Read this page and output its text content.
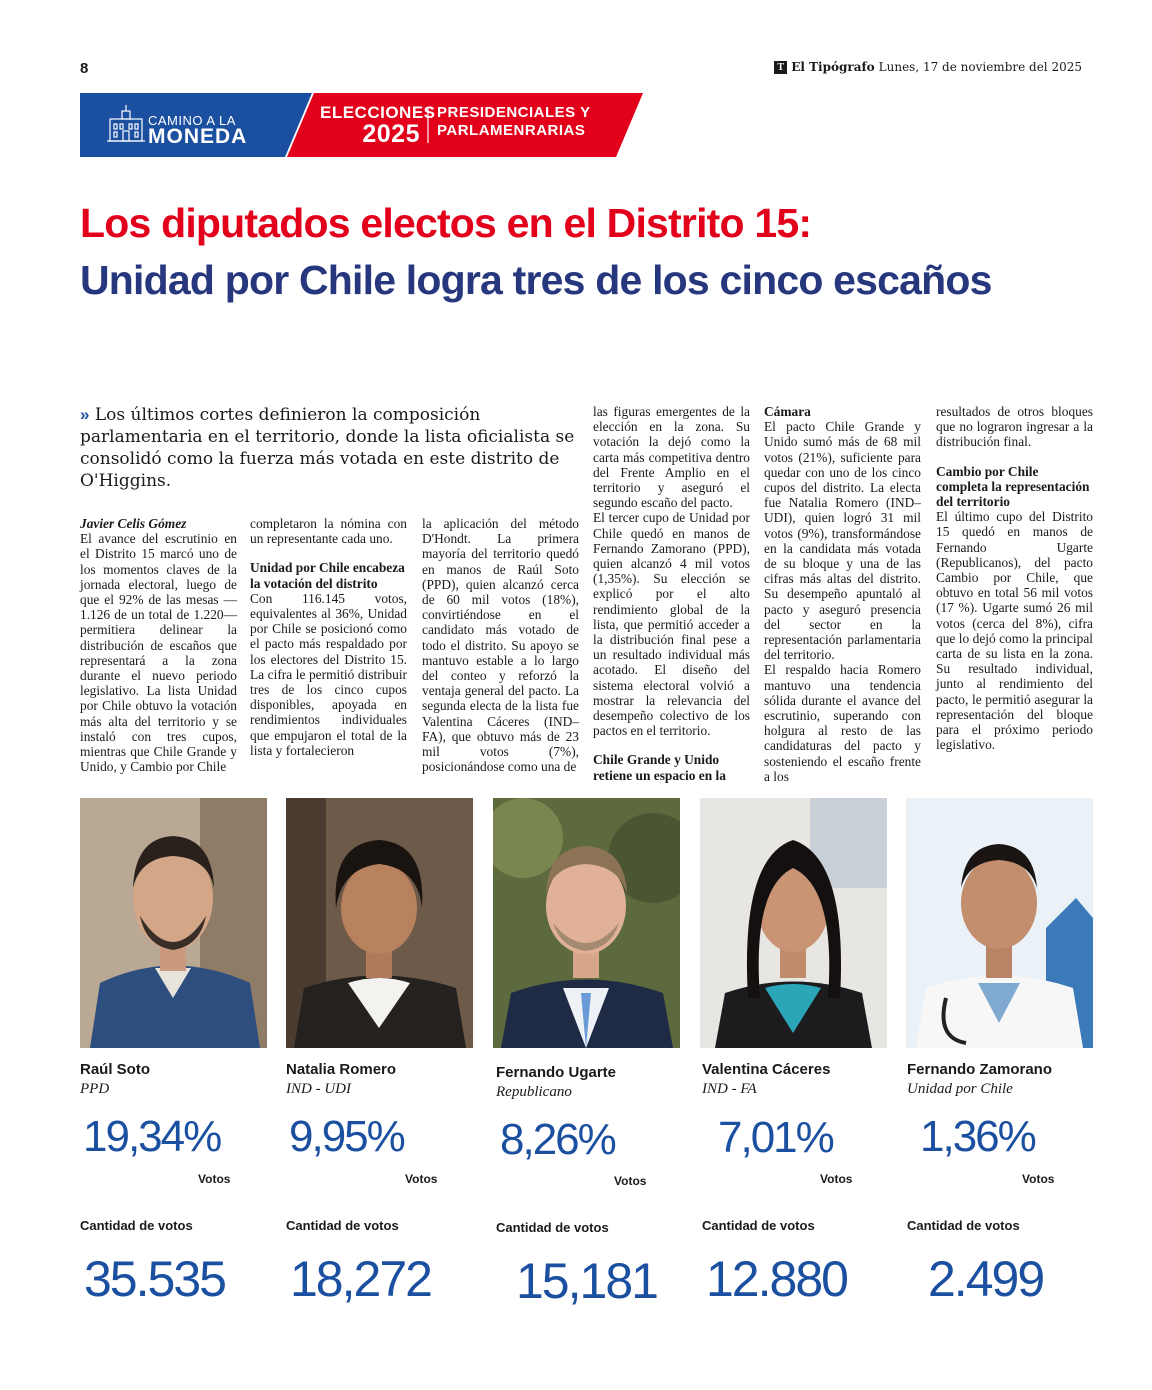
8	T El Tipógrafo Lunes, 17 de noviembre del 2025
CAMINO A LA
MONEDA
ELECCIONES
2025
PRESIDENCIALES Y
PARLAMENRARIAS
Los diputados electos en el Distrito 15:
Unidad por Chile logra tres de los cinco escaños
» Los últimos cortes definieron la composición parlamentaria en el territorio, donde la lista oficialista se consolidó como la fuerza más votada en este distrito de O'Higgins.

Javier Celis Gómez

El avance del escrutinio en el Distrito 15 marcó uno de los momentos claves de la jornada electoral, luego de que el 92% de las mesas —1.126 de un total de 1.220— permitiera delinear la distribución de escaños que representará a la zona durante el nuevo periodo legislativo. La lista Unidad por Chile obtuvo la votación más alta del territorio y se instaló con tres cupos, mientras que Chile Grande y Unido, y Cambio por Chile

completaron la nómina con un representante cada uno.

Unidad por Chile encabeza la votación del distrito

Con 116.145 votos, equivalentes al 36%, Unidad por Chile se posicionó como el pacto más respaldado por los electores del Distrito 15. La cifra le permitió distribuir tres de los cinco cupos disponibles, apoyada en rendimientos individuales que empujaron el total de la lista y fortalecieron

la aplicación del método D'Hondt. La primera mayoría del territorio quedó en manos de Raúl Soto (PPD), quien alcanzó cerca de 60 mil votos (18%), convirtiéndose en el candidato más votado de todo el distrito. Su apoyo se mantuvo estable a lo largo del conteo y reforzó la ventaja general del pacto. La segunda electa de la lista fue Valentina Cáceres (IND–FA), que obtuvo más de 23 mil votos (7%), posicionándose como una de

las figuras emergentes de la elección en la zona. Su votación la dejó como la carta más competitiva dentro del Frente Amplio en el territorio y aseguró el segundo escaño del pacto.

El tercer cupo de Unidad por Chile quedó en manos de Fernando Zamorano (PPD), quien alcanzó 4 mil votos (1,35%). Su elección se explicó por el alto rendimiento global de la lista, que permitió acceder a la distribución final pese a un resultado individual más acotado. El diseño del sistema electoral volvió a mostrar la relevancia del desempeño colectivo de los pactos en el territorio.

Chile Grande y Unido retiene un espacio en la

Cámara

El pacto Chile Grande y Unido sumó más de 68 mil votos (21%), suficiente para quedar con uno de los cinco cupos del distrito. La electa fue Natalia Romero (IND–UDI), quien logró 31 mil votos (9%), transformándose en la candidata más votada de su bloque y una de las cifras más altas del distrito. Su desempeño apuntaló al pacto y aseguró presencia del sector en la representación parlamentaria del territorio.

El respaldo hacia Romero mantuvo una tendencia sólida durante el avance del escrutinio, superando con holgura al resto de las candidaturas del pacto y sosteniendo el escaño frente a los

resultados de otros bloques que no lograron ingresar a la distribución final.

Cambio por Chile completa la representación del territorio

El último cupo del Distrito 15 quedó en manos de Fernando Ugarte (Republicanos), del pacto Cambio por Chile, que obtuvo en total 56 mil votos (17 %). Ugarte sumó 26 mil votos (cerca del 8%), cifra que lo dejó como la principal carta de su lista en la zona. Su resultado individual, junto al rendimiento del pacto, le permitió asegurar la representación del bloque para el próximo periodo legislativo.

Raúl Soto
PPD
19,34%
Votos
Cantidad de votos
35.535
Natalia Romero
IND - UDI
9,95%
Votos
Cantidad de votos
18,272
Fernando Ugarte
Republicano
8,26%
Votos
Cantidad de votos
15,181
Valentina Cáceres
IND - FA
7,01%
Votos
Cantidad de votos
12.880
Fernando Zamorano
Unidad por Chile
1,36%
Votos
Cantidad de votos
2.499
